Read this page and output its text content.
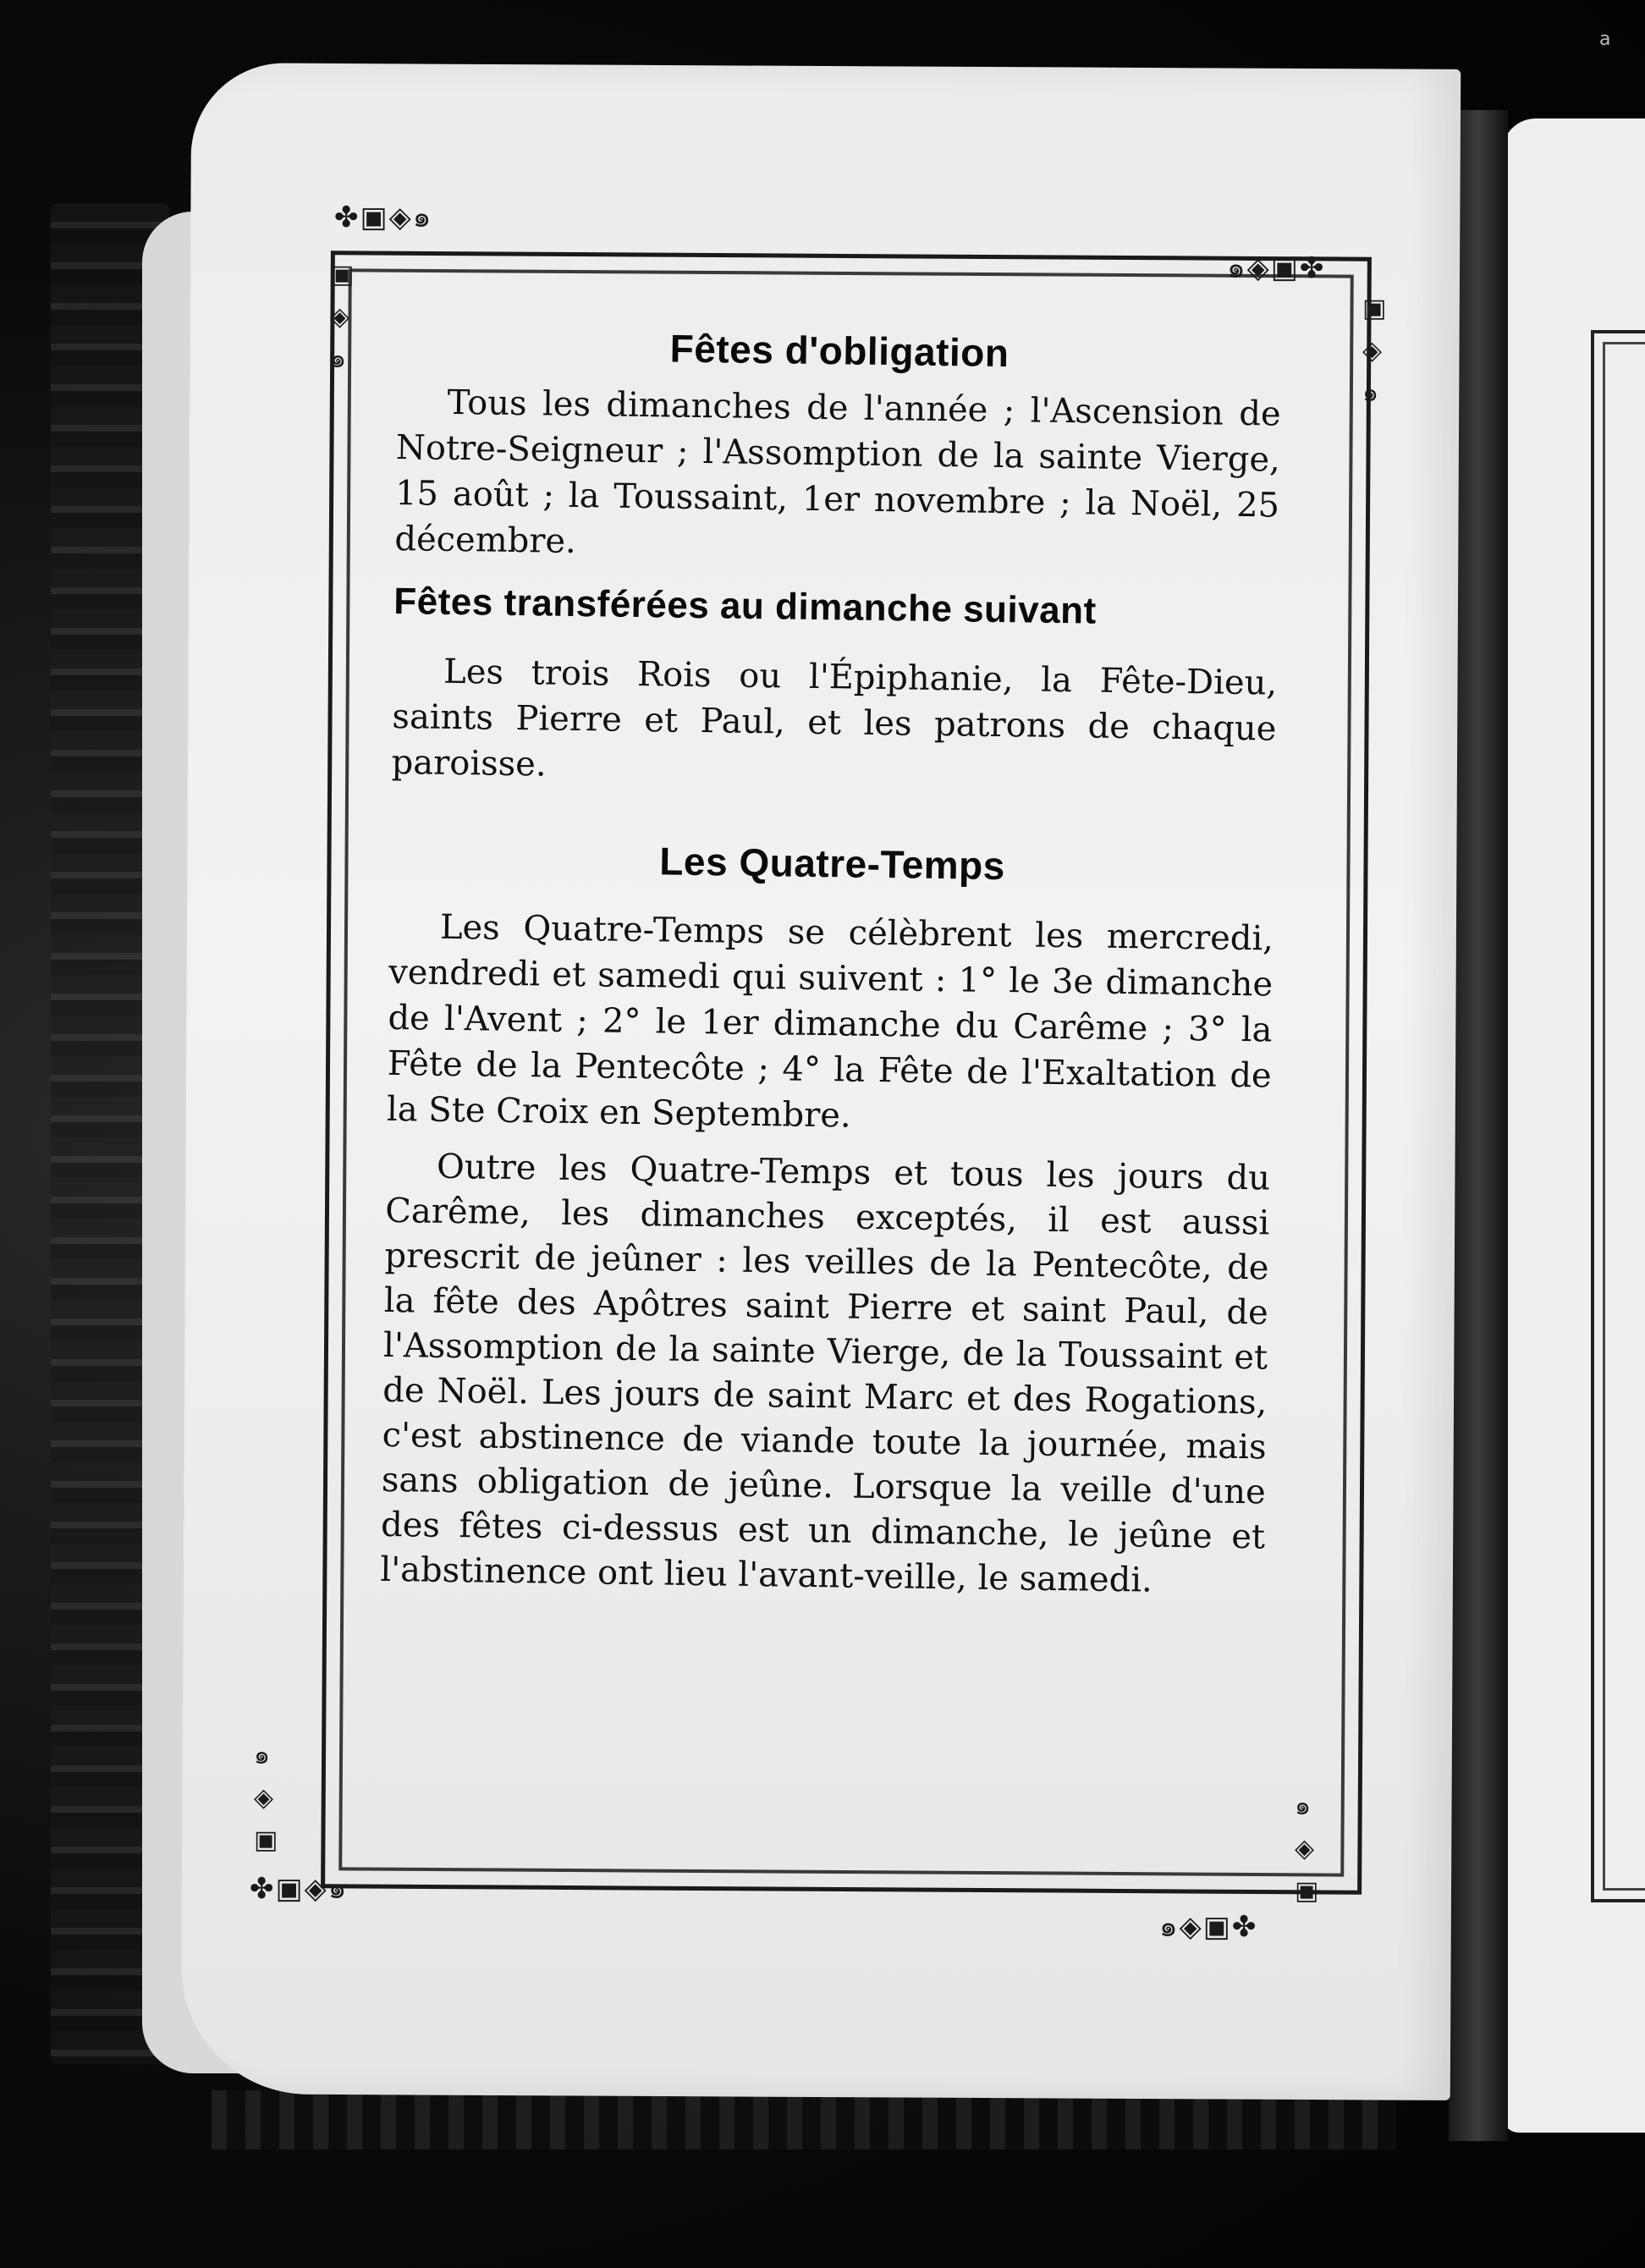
✤▣◈๑
▣
◈
๑
๑◈▣✤
▣
◈
๑
๑
◈
▣
✤▣◈๑
๑
◈
▣
๑◈▣✤
a
Fêtes d'obligation

Tous les dimanches de l'année ; l'Ascension de Notre-Seigneur ; l'Assomption de la sainte Vierge, 15 août ; la Toussaint, 1er novembre ; la Noël, 25 décembre.

Fêtes transférées au dimanche suivant

Les trois Rois ou l'Épiphanie, la Fête-Dieu, saints Pierre et Paul, et les patrons de chaque paroisse.

Les Quatre-Temps

Les Quatre-Temps se célèbrent les mercredi, vendredi et samedi qui suivent : 1° le 3e dimanche de l'Avent ; 2° le 1er dimanche du Carême ; 3° la Fête de la Pentecôte ; 4° la Fête de l'Exaltation de la Ste Croix en Septembre.

Outre les Quatre-Temps et tous les jours du Carême, les dimanches exceptés, il est aussi prescrit de jeûner : les veilles de la Pentecôte, de la fête des Apôtres saint Pierre et saint Paul, de l'Assomption de la sainte Vierge, de la Toussaint et de Noël. Les jours de saint Marc et des Rogations, c'est abstinence de viande toute la journée, mais sans obligation de jeûne. Lorsque la veille d'une des fêtes ci-dessus est un dimanche, le jeûne et l'abstinence ont lieu l'avant-veille, le samedi.
